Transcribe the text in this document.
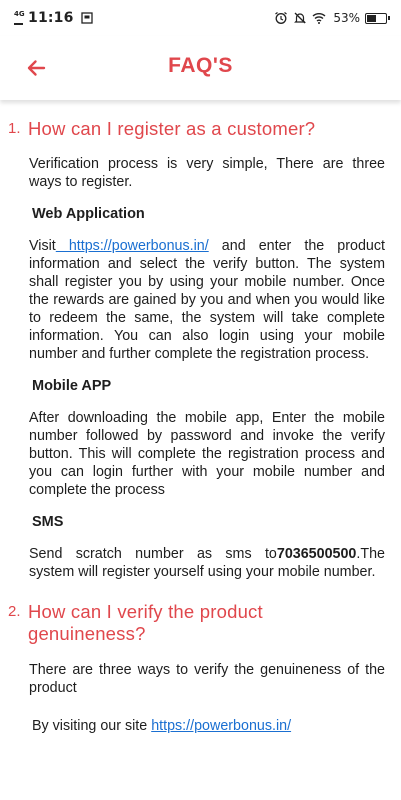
4G 11:16	53%
FAQ'S
1. How can I register as a customer?

Verification process is very simple, There are three ways to register.

Web Application

Visit https://powerbonus.in/ and enter the product information and select the verify button. The system shall register you by using your mobile number. Once the rewards are gained by you and when you would like to redeem the same, the system will take complete information. You can also login using your mobile number and further complete the registration process.

Mobile APP

After downloading the mobile app, Enter the mobile number followed by password and invoke the verify button. This will complete the registration process and you can login further with your mobile number and complete the process

SMS

Send scratch number as sms to7036500500.The system will register yourself using your mobile number.

2. How can I verify the product genuineness?

There are three ways to verify the genuineness of the product

By visiting our site https://powerbonus.in/
